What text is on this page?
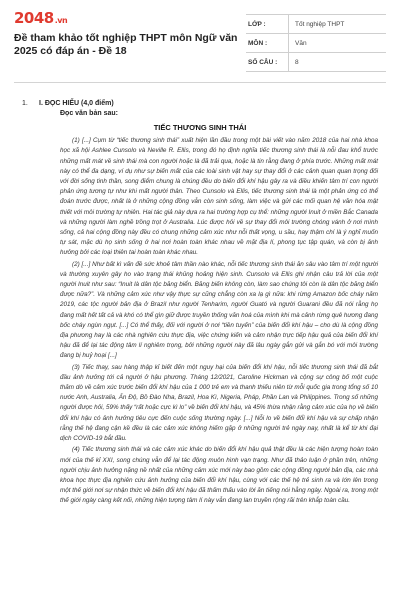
2048.vn
Đề tham khảo tốt nghiệp THPT môn Ngữ văn 2025 có đáp án - Đề 18
LỚP :	Tốt nghiệp THPT
MÔN :	Văn
SỐ CÂU :	8
1.	I. ĐỌC HIỂU (4,0 điểm)
Đọc văn bản sau:
TIẾC THƯƠNG SINH THÁI

(1) [...] Cụm từ “tiếc thương sinh thái” xuất hiện lần đầu trong một bài viết vào năm 2018 của hai nhà khoa học xã hội Ashlee Cunsolo và Neville R. Ellis, trong đó họ định nghĩa tiếc thương sinh thái là nỗi đau khổ trước những mất mát về sinh thái mà con người hoặc là đã trải qua, hoặc là tin rằng đang ở phía trước. Những mất mát này có thể đa dạng, ví dụ như sự biến mất của các loài sinh vật hay sự thay đổi ở các cảnh quan quan trọng đối với đời sống tinh thần, song điểm chung là chúng đều do biến đổi khí hậu gây ra và điều khiến tâm trí con người phản ứng tương tự như khi mất người thân. Theo Cunsolo và Ellis, tiếc thương sinh thái là một phản ứng có thể đoán trước được, nhất là ở những cộng đồng vẫn còn sinh sống, làm việc và gửi các mối quan hệ văn hóa mật thiết với môi trường tự nhiên. Hai tác giả này dựa ra hai trường hợp cụ thể: những người Inuit ở miền Bắc Canada và những người làm nghề trồng trọt ở Australia. Lúc được hỏi về sự thay đổi môi trường chóng vánh ở nơi mình sống, cả hai cộng đồng này đều có chung những cảm xúc như nỗi thất vọng, u sầu, hay thậm chí là ý nghĩ muốn tự sát, mặc dù họ sinh sống ở hai nơi hoàn toàn khác nhau về mặt địa lí, phong tục tập quán, và còn bị ảnh hưởng bởi các loại thiên tai hoàn toàn khác nhau.

(2) [...] Như bất kì vấn đề sức khoẻ tâm thần nào khác, nỗi tiếc thương sinh thái ăn sâu vào tâm trí một người và thường xuyên gây ho vào trạng thái khủng hoảng hiện sinh. Cunsolo và Ellis ghi nhận câu trả lời của một người Inuit như sau: “Inuit là dân tộc băng biển. Băng biến không còn, làm sao chúng tôi còn là dân tộc băng biển được nữa?”. Và những cảm xúc như vậy thực sự cũng chẳng còn xa lạ gì nữa: khi rừng Amazon bốc cháy năm 2019, các tộc người bản địa ở Brazil như người Tenharim, người Guató và người Guarani đều đã nói rằng họ đang mất hết tất cả và khó có thể gìn giữ được truyền thống văn hoá của mình khi mà cảnh rừng quê hương đang bốc cháy ngùn ngụt. [...] Có thể thấy, đối với người ở nơi “tiền tuyến” của biến đổi khí hậu – cho dù là cộng đồng địa phương hay là các nhà nghiên cứu thực địa, việc chứng kiến và cảm nhận trực tiếp hậu quả của biến đổi khí hậu đã để lại tác động tâm lí nghiêm trọng, bởi những người này đã lâu ngày gắn gửi và gắn bó với môi trường đang bị huỷ hoại [...]

(3) Tiếc thay, sau hàng thập kỉ biết đến một nguy hại của biến đổi khí hậu, nỗi tiếc thương sinh thái đã bắt đầu ảnh hưởng tới cả người ở hậu phương. Tháng 12/2021, Caroline Hickman và cộng sự công bố một cuộc thăm dò về cảm xúc trước biến đổi khí hậu của 1 000 trẻ em và thanh thiếu niên từ mỗi quốc gia trong tổng số 10 nước Anh, Australia, Ấn Độ, Bồ Đào Nha, Brazil, Hoa Kì, Nigeria, Pháp, Phần Lan và Philippines. Trong số những người được hỏi, 59% thấy “rất hoặc cực kì lo” về biến đổi khí hậu, và 45% thừa nhận rằng cảm xúc của họ về biến đổi khí hậu có ảnh hưởng tiêu cực đến cuộc sống thường ngày. [...] Nỗi lo về biến đổi khí hậu và sự chấp nhận rằng thế hệ đang cận kề đều là các cảm xúc không hiếm gặp ở những người trẻ ngày nay, nhất là kể từ khi đại dịch COVID-19 bắt đầu.

(4) Tiếc thương sinh thái và các cảm xúc khác do biến đổi khí hậu quả thật đều là các hiện tượng hoàn toàn mới của thế kỉ XXI, song chúng vẫn để lại tác động muôn hình vạn trạng. Như đã thảo luận ở phần trên, những người chịu ảnh hưởng nặng nề nhất của những cảm xúc mới này bao gồm các cộng đồng người bản địa, các nhà khoa học thực địa nghiên cứu ảnh hưởng của biến đổi khí hậu, cùng với các thế hệ trẻ sinh ra và lớn lên trong một thế giới nơi sự nhận thức về biến đổi khí hậu đã thấm thấu vào lời ăn tiếng nói hằng ngày. Ngoài ra, trong một thế giới ngày càng kết nối, những hiện tượng tâm lí này vẫn đang lan truyền rộng rãi trên khắp toàn cầu.
